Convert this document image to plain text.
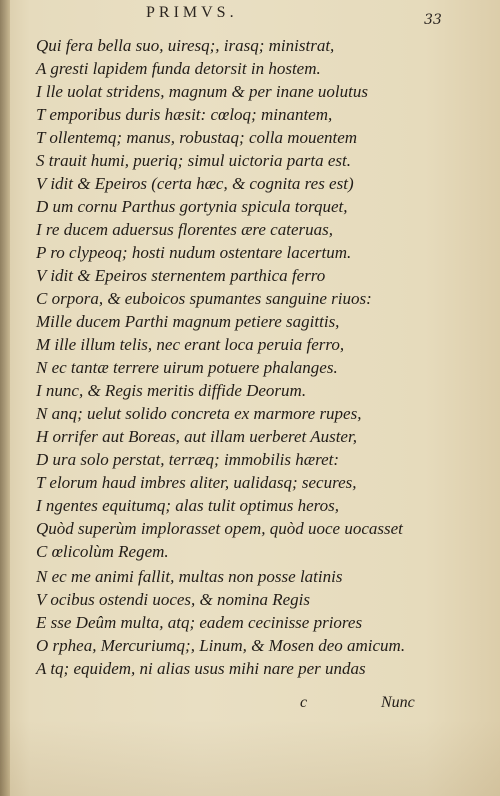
PRIMVS.	33
Qui fera bella suo, uiresq;, irasq; ministrat,
A gresti lapidem funda detorsit in hostem.
I lle uolat stridens, magnum & per inane uolutus
T emporibus duris hæsit: cœloq; minantem,
T ollentemq; manus, robustaq; colla mouentem
S trauit humi, pueriq; simul uictoria parta est.
V idit & Epeiros (certa hæc, & cognita res est)
D um cornu Parthus gortynia spicula torquet,
I re ducem aduersus florentes ære cateruas,
P ro clypeoq; hosti nudum ostentare lacertum.
V idit & Epeiros sternentem parthica ferro
C orpora, & euboicos spumantes sanguine riuos:
Mille ducem Parthi magnum petiere sagittis,
M ille illum telis, nec erant loca peruia ferro,
N ec tantæ terrere uirum potuere phalanges.
I nunc, & Regis meritis diffide Deorum.
N anq; uelut solido concreta ex marmore rupes,
H orrifer aut Boreas, aut illam uerberet Auster,
D ura solo perstat, terræq; immobilis hæret:
T elorum haud imbres aliter, ualidasq; secures,
I ngentes equitumq; alas tulit optimus heros,
Quòd superùm implorasset opem, quòd uoce uocasset
C œlicolùm Regem.
N ec me animi fallit, multas non posse latinis
V ocibus ostendi uoces, & nomina Regis
E sse Deûm multa, atq; eadem cecinisse priores
O rphea, Mercuriumq;, Linum, & Mosen deo amicum.
A tq; equidem, ni alias usus mihi nare per undas
c	Nunc
